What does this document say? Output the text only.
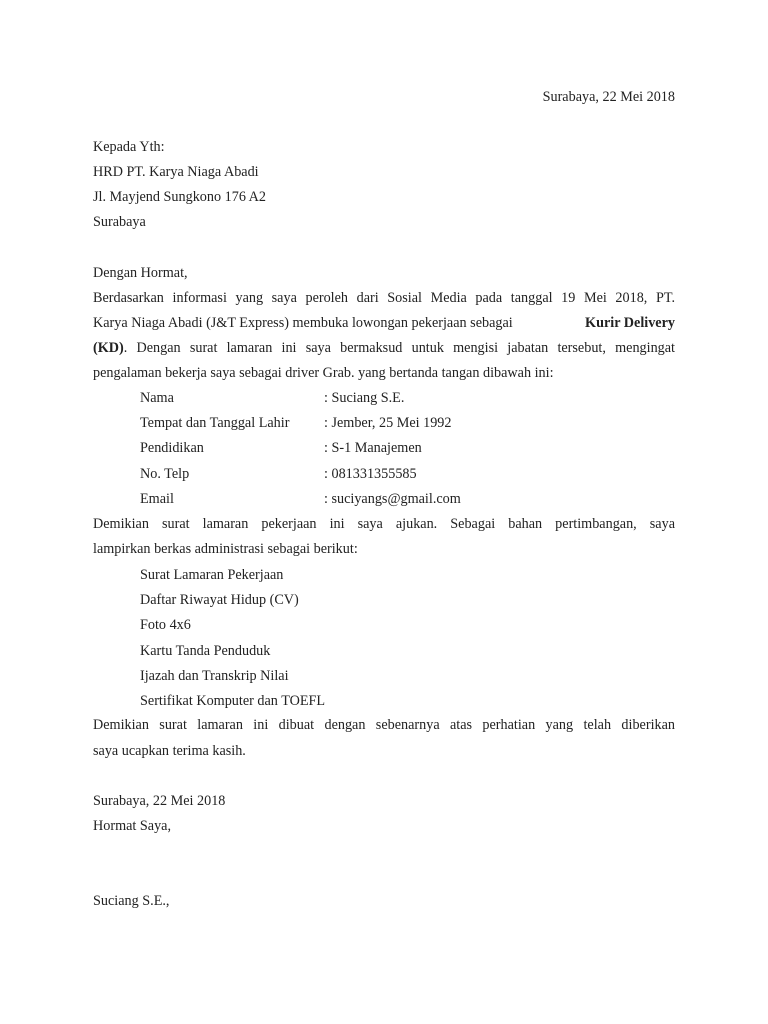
Surabaya, 22 Mei 2018
Kepada Yth:
HRD PT. Karya Niaga Abadi
Jl. Mayjend Sungkono 176 A2
Surabaya
Dengan Hormat,
Berdasarkan informasi yang saya peroleh dari Sosial Media pada tanggal 19 Mei 2018, PT.
Karya Niaga Abadi (J&T Express) membuka lowongan pekerjaan sebagai	Kurir Delivery
(KD) . Dengan surat lamaran ini saya bermaksud untuk mengisi jabatan tersebut, mengingat
pengalaman bekerja saya sebagai driver Grab. yang bertanda tangan dibawah ini:
Nama	: Suciang S.E.
Tempat dan Tanggal Lahir : Jember, 25 Mei 1992
Pendidikan	: S-1 Manajemen
No. Telp	: 081331355585
Email	: suciyangs@gmail.com
Demikian surat lamaran pekerjaan ini saya ajukan. Sebagai bahan pertimbangan, saya
lampirkan berkas administrasi sebagai berikut:
Surat Lamaran Pekerjaan
Daftar Riwayat Hidup (CV)
Foto 4x6
Kartu Tanda Penduduk
Ijazah dan Transkrip Nilai
Sertifikat Komputer dan TOEFL
Demikian surat lamaran ini dibuat dengan sebenarnya atas perhatian yang telah diberikan
saya ucapkan terima kasih.
Surabaya, 22 Mei 2018
Hormat Saya,
Suciang S.E.,
